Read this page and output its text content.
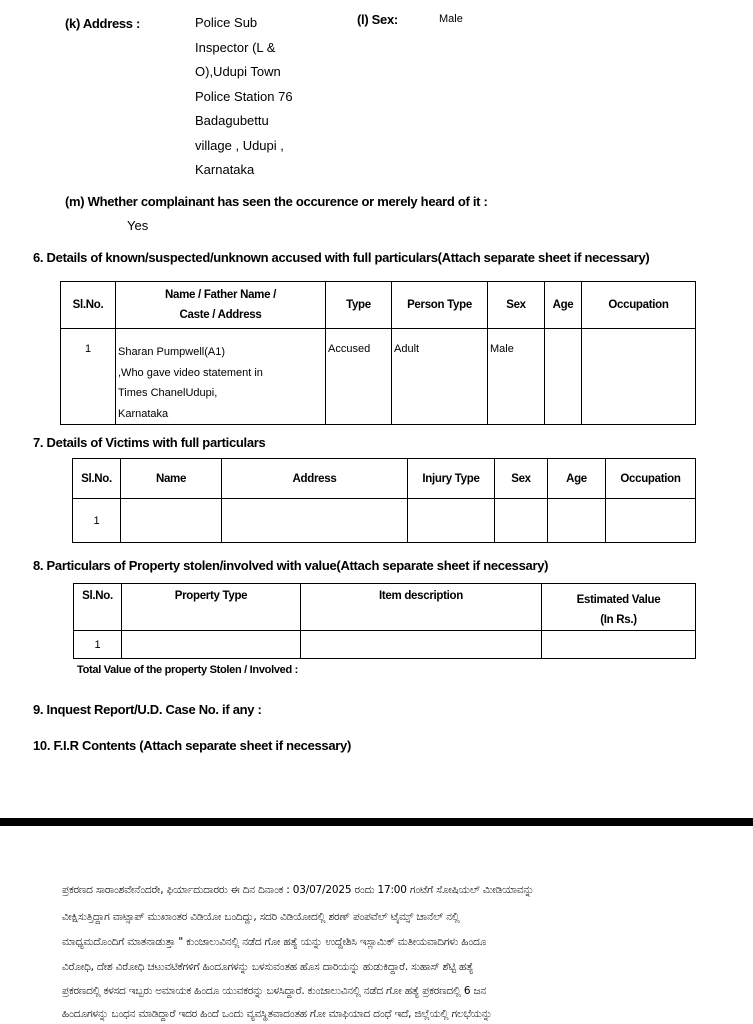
(k) Address :	Police Sub
Inspector (L &
O),Udupi Town
Police Station 76
Badagubettu
village , Udupi ,
Karnataka
(l) Sex:	Male
(m) Whether complainant has seen the occurence or merely heard of it :
Yes
6. Details of known/suspected/unknown accused with full particulars(Attach separate sheet if necessary)
Sl.No.	Name / Father Name /
Caste / Address	Type	Person Type	Sex	Age	Occupation
1	Sharan Pumpwell(A1)
,Who gave video statement in
Times ChanelUdupi,
Karnataka	Accused	Adult	Male		
7. Details of Victims with full particulars
Sl.No.	Name	Address	Injury Type	Sex	Age	Occupation
1						
8. Particulars of Property stolen/involved with value(Attach separate sheet if necessary)
Sl.No.	Property Type	Item description	Estimated Value
(In Rs.)

1			
Total Value of the property Stolen / Involved :
9. Inquest Report/U.D. Case No. if any :
10. F.I.R Contents (Attach separate sheet if necessary)
ಪ್ರಕರಣದ ಸಾರಾಂಶವೇನೆಂದರೇ, ಫಿರ್ಯಾದುದಾರರು ಈ ದಿನ ದಿನಾಂಕ : 03/07/2025 ರಂದು 17:00 ಗಂಟೆಗೆ ಸೋಷಿಯಲ್ ಮೀಡಿಯಾವನ್ನು
ವೀಕ್ಷಿಸುತ್ತಿದ್ದಾಗ ವಾಟ್ಸಾಪ್ ಮುಖಾಂತರ ವಿಡಿಯೋ ಬಂದಿದ್ದು, ಸದರಿ ವಿಡಿಯೋದಲ್ಲಿ ಶರಣ್ ಪಂಪವೆಲ್ ಟೈಮ್ಸ್ ಚಾನೆಲ್ ನಲ್ಲಿ
ಮಾಧ್ಯಮದೊಂದಿಗೆ ಮಾತನಾಡುತ್ತಾ " ಕುಂಜಾಲುವಿನಲ್ಲಿ ನಡೆದ ಗೋ ಹತ್ಯೆ ಯನ್ನು ಉದ್ದೇಶಿಸಿ ಇಸ್ಲಾಮಿಕ್ ಮತೀಯವಾದಿಗಳು ಹಿಂದೂ
ವಿರೋಧಿ, ದೇಶ ವಿರೋಧಿ ಚಟುವಟಿಕೆಗಳಿಗೆ ಹಿಂದೂಗಳನ್ನು ಬಳಸುವಂತಹ ಹೊಸ ದಾರಿಯನ್ನು ಹುಡುಕಿದ್ದಾರೆ. ಸುಹಾಸ್ ಶೆಟ್ಟಿ ಹತ್ಯೆ
ಪ್ರಕರಣದಲ್ಲಿ ಕಳಸದ ಇಬ್ಬರು ಅಮಾಯಕ ಹಿಂದೂ ಯುವಕರನ್ನು ಬಳಸಿದ್ದಾರೆ. ಕುಂಜಾಲುವಿನಲ್ಲಿ ನಡೆದ ಗೋ ಹತ್ಯೆ ಪ್ರಕರಣದಲ್ಲಿ 6 ಜನ
ಹಿಂದೂಗಳನ್ನು ಬಂಧನ ಮಾಡಿದ್ದಾರೆ ಇದರ ಹಿಂದೆ ಒಂದು ವ್ಯವಸ್ಥಿತವಾದಂತಹ ಗೋ ಮಾಫಿಯಾದ ದಂಧೆ ಇದೆ, ಜಿಲ್ಲೆಯಲ್ಲಿ ಗಲಭೆಯನ್ನು
